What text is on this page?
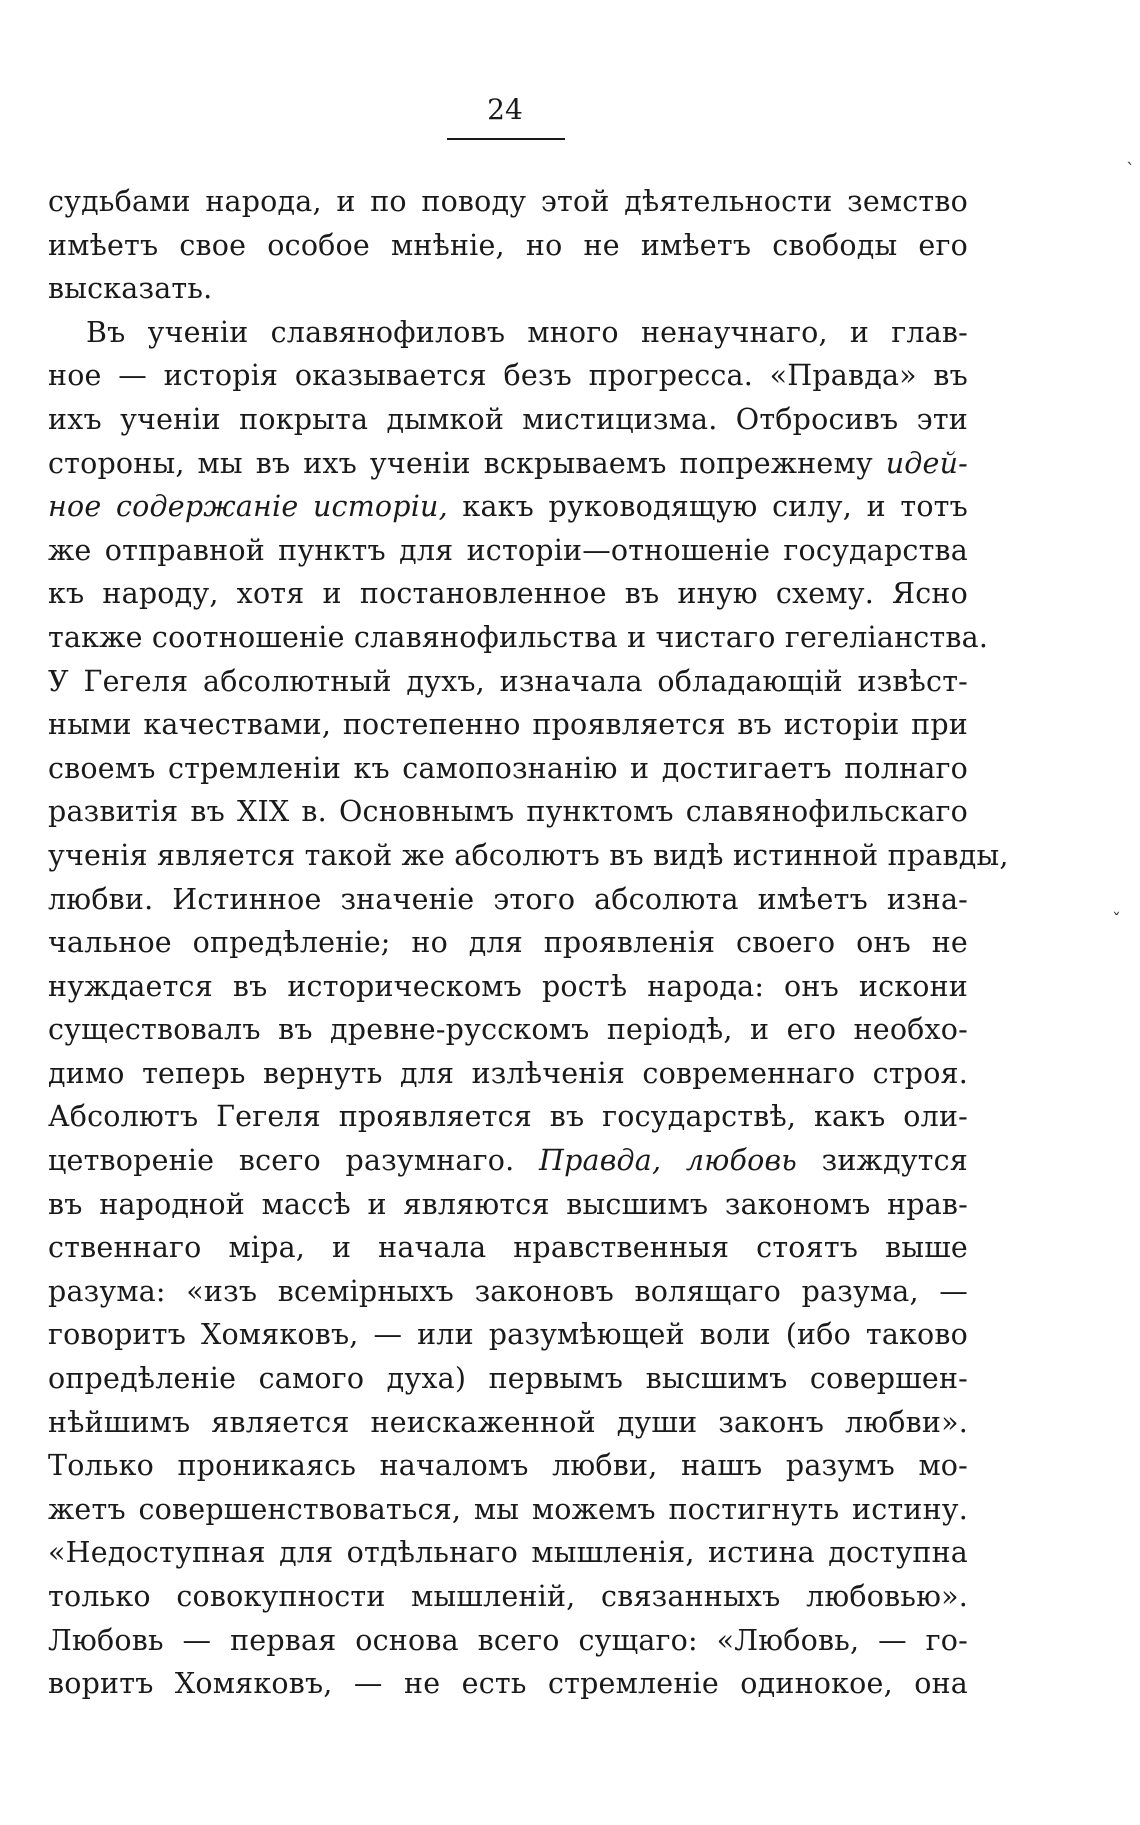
24
ˋ
ˇ
судьбами народа, и по поводу этой дѣятельности земство
имѣетъ свое особое мнѣніе, но не имѣетъ свободы его
высказать.
Въ ученіи славянофиловъ много ненаучнаго, и глав-
ное — исторія оказывается безъ прогресса. «Правда» въ
ихъ ученіи покрыта дымкой мистицизма. Отбросивъ эти
стороны, мы въ ихъ ученіи вскрываемъ попрежнему идей-
ное содержаніе исторіи, какъ руководящую силу, и тотъ
же отправной пунктъ для исторіи—отношеніе государства
къ народу, хотя и постановленное въ иную схему. Ясно
также соотношеніе славянофильства и чистаго гегеліанства.
У Гегеля абсолютный духъ, изначала обладающій извѣст-
ными качествами, постепенно проявляется въ исторіи при
своемъ стремленіи къ самопознанію и достигаетъ полнаго
развитія въ XIX в. Основнымъ пунктомъ славянофильскаго
ученія является такой же абсолютъ въ видѣ истинной правды,
любви. Истинное значеніе этого абсолюта имѣетъ изна-
чальное опредѣленіе; но для проявленія своего онъ не
нуждается въ историческомъ ростѣ народа: онъ искони
существовалъ въ древне-русскомъ періодѣ, и его необхо-
димо теперь вернуть для излѣченія современнаго строя.
Абсолютъ Гегеля проявляется въ государствѣ, какъ оли-
цетвореніе всего разумнаго. Правда, любовь зиждутся
въ народной массѣ и являются высшимъ закономъ нрав-
ственнаго міра, и начала нравственныя стоятъ выше
разума: «изъ всемірныхъ законовъ волящаго разума, —
говоритъ Хомяковъ, — или разумѣющей воли (ибо таково
опредѣленіе самого духа) первымъ высшимъ совершен-
нѣйшимъ является неискаженной души законъ любви».
Только проникаясь началомъ любви, нашъ разумъ мо-
жетъ совершенствоваться, мы можемъ постигнуть истину.
«Недоступная для отдѣльнаго мышленія, истина доступна
только совокупности мышленій, связанныхъ любовью».
Любовь — первая основа всего сущаго: «Любовь, — го-
воритъ Хомяковъ, — не есть стремленіе одинокое, она
